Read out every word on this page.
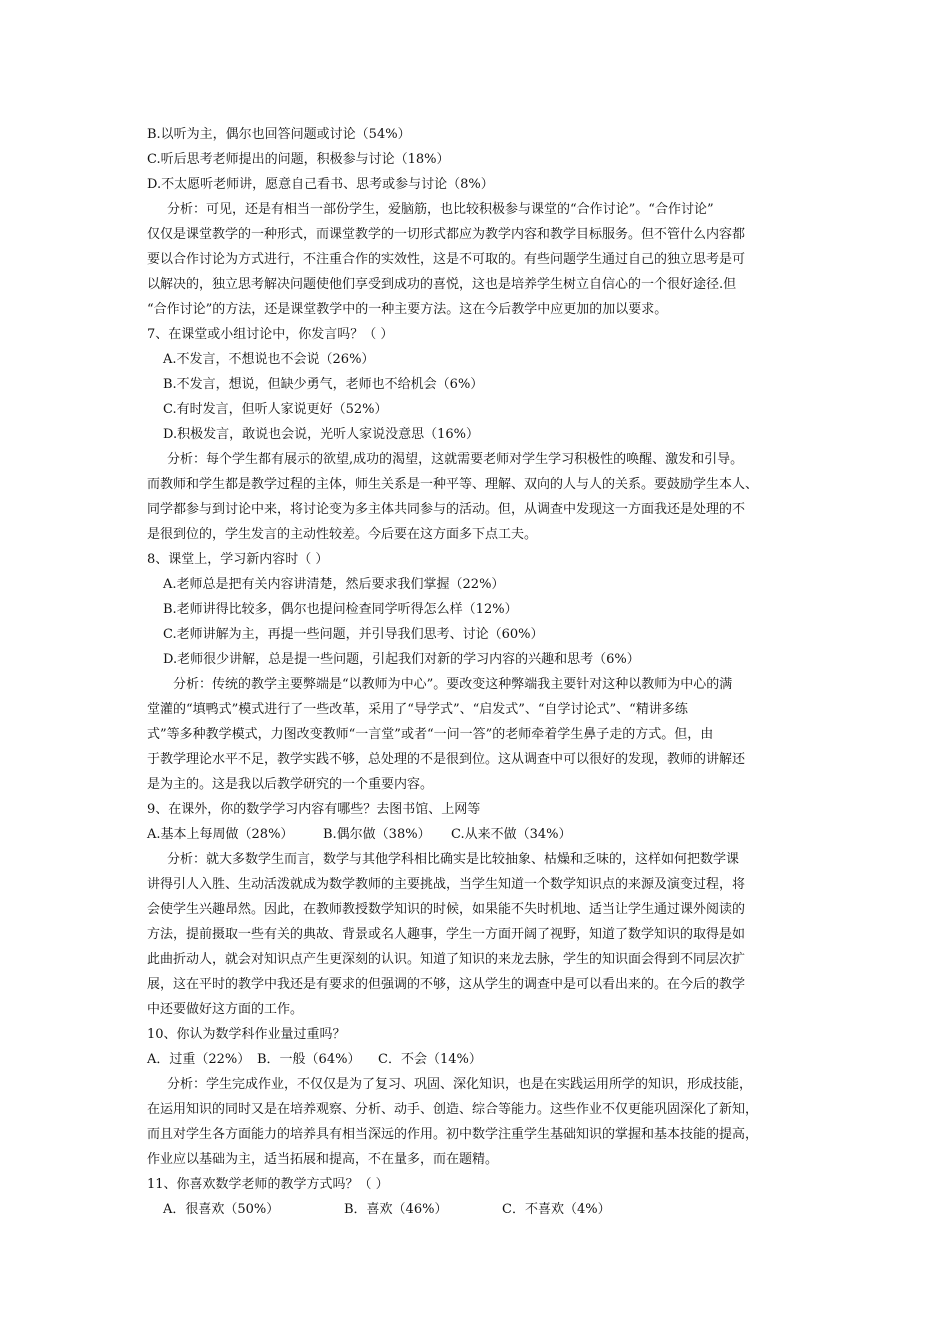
B.以听为主，偶尔也回答问题或讨论（54%）
C.听后思考老师提出的问题，积极参与讨论（18%）
D.不太愿听老师讲，愿意自己看书、思考或参与讨论（8%）
分析：可见，还是有相当一部份学生，爱脑筋，也比较积极参与课堂的“合作讨论”。“合作讨论”
仅仅是课堂教学的一种形式，而课堂教学的一切形式都应为教学内容和教学目标服务。但不管什么内容都
要以合作讨论为方式进行，不注重合作的实效性，这是不可取的。有些问题学生通过自己的独立思考是可
以解决的，独立思考解决问题使他们享受到成功的喜悦，这也是培养学生树立自信心的一个很好途径.但
“合作讨论”的方法，还是课堂教学中的一种主要方法。这在今后教学中应更加的加以要求。
7、在课堂或小组讨论中，你发言吗？（ ）
A.不发言，不想说也不会说（26%）
B.不发言，想说，但缺少勇气，老师也不给机会（6%）
C.有时发言，但听人家说更好（52%）
D.积极发言，敢说也会说，光听人家说没意思（16%）
分析：每个学生都有展示的欲望,成功的渴望，这就需要老师对学生学习积极性的唤醒、激发和引导。
而教师和学生都是教学过程的主体，师生关系是一种平等、理解、双向的人与人的关系。要鼓励学生本人、
同学都参与到讨论中来，将讨论变为多主体共同参与的活动。但，从调查中发现这一方面我还是处理的不
是很到位的，学生发言的主动性较差。今后要在这方面多下点工夫。
8、课堂上，学习新内容时（ ）
A.老师总是把有关内容讲清楚，然后要求我们掌握（22%）
B.老师讲得比较多，偶尔也提问检查同学听得怎么样（12%）
C.老师讲解为主，再提一些问题，并引导我们思考、讨论（60%）
D.老师很少讲解，总是提一些问题，引起我们对新的学习内容的兴趣和思考（6%）
分析：传统的教学主要弊端是“以教师为中心”。要改变这种弊端我主要针对这种以教师为中心的满
堂灌的“填鸭式”模式进行了一些改革，采用了“导学式”、“启发式”、“自学讨论式”、“精讲多练
式”等多种教学模式，力图改变教师“一言堂”或者“一问一答”的老师牵着学生鼻子走的方式。但，由
于教学理论水平不足，教学实践不够，总处理的不是很到位。这从调查中可以很好的发现，教师的讲解还
是为主的。这是我以后教学研究的一个重要内容。
9、在课外，你的数学学习内容有哪些？去图书馆、上网等
A.基本上每周做（28%） B.偶尔做（38%） C.从来不做（34%）
分析：就大多数学生而言，数学与其他学科相比确实是比较抽象、枯燥和乏味的，这样如何把数学课
讲得引人入胜、生动活泼就成为数学教师的主要挑战，当学生知道一个数学知识点的来源及演变过程，将
会使学生兴趣昂然。因此，在教师教授数学知识的时候，如果能不失时机地、适当让学生通过课外阅读的
方法，提前摄取一些有关的典故、背景或名人趣事，学生一方面开阔了视野，知道了数学知识的取得是如
此曲折动人，就会对知识点产生更深刻的认识。知道了知识的来龙去脉，学生的知识面会得到不同层次扩
展，这在平时的教学中我还是有要求的但强调的不够，这从学生的调查中是可以看出来的。在今后的教学
中还要做好这方面的工作。
10、你认为数学科作业量过重吗？
A．过重（22%） B．一般（64%） C．不会（14%）
分析：学生完成作业，不仅仅是为了复习、巩固、深化知识，也是在实践运用所学的知识，形成技能，
在运用知识的同时又是在培养观察、分析、动手、创造、综合等能力。这些作业不仅更能巩固深化了新知，
而且对学生各方面能力的培养具有相当深远的作用。初中数学注重学生基础知识的掌握和基本技能的提高，
作业应以基础为主，适当拓展和提高，不在量多，而在题精。
11、你喜欢数学老师的教学方式吗？（ ）
A．很喜欢（50%）	B．喜欢（46%）	C．不喜欢（4%）
